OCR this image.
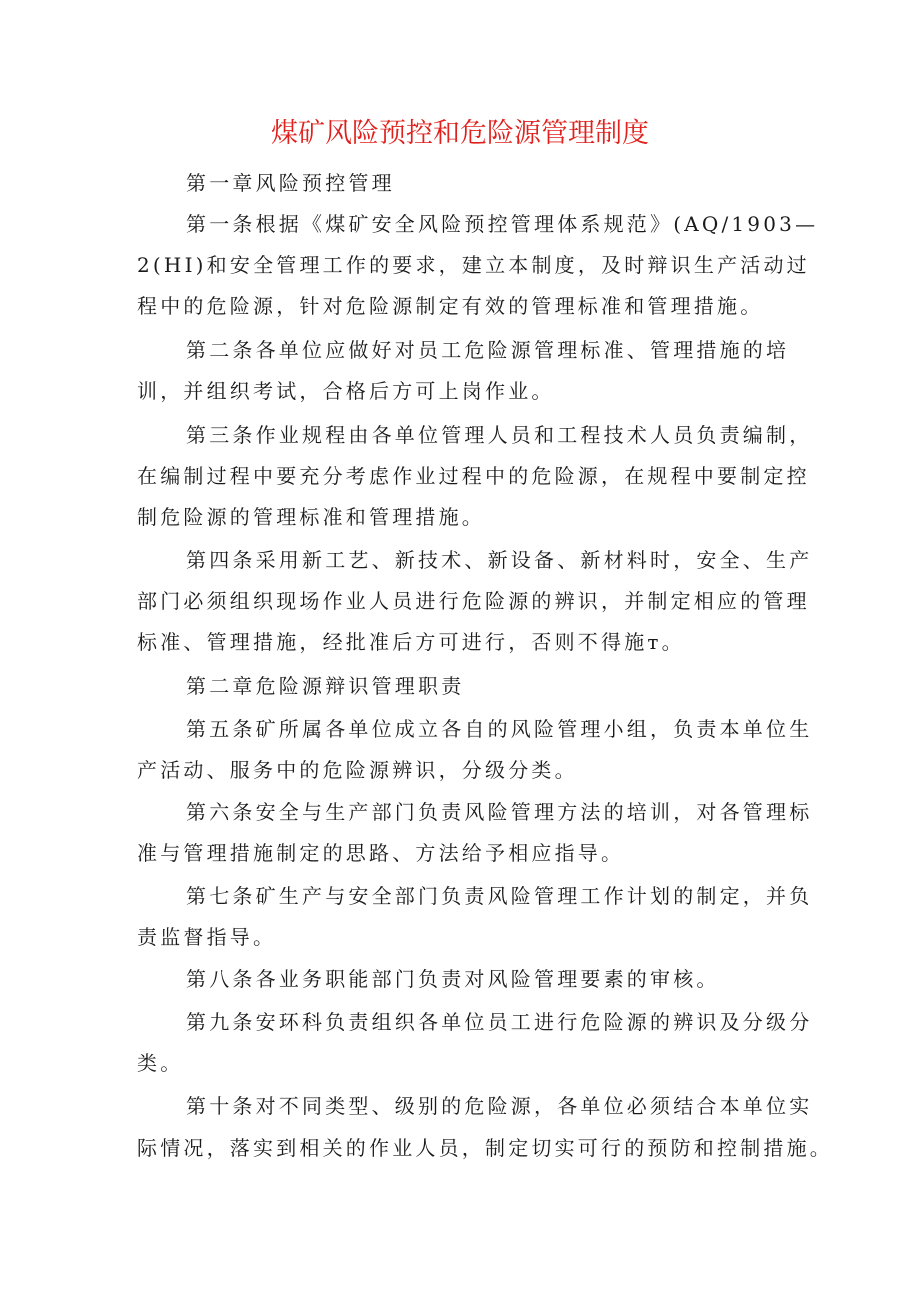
煤矿风险预控和危险源管理制度
第一章风险预控管理
第一条根据《煤矿安全风险预控管理体系规范》(AQ/1903—
2(HI)和安全管理工作的要求，建立本制度，及时辩识生产活动过
程中的危险源，针对危险源制定有效的管理标准和管理措施。
第二条各单位应做好对员工危险源管理标准、管理措施的培
训，并组织考试，合格后方可上岗作业。
第三条作业规程由各单位管理人员和工程技术人员负责编制，
在编制过程中要充分考虑作业过程中的危险源，在规程中要制定控
制危险源的管理标准和管理措施。
第四条采用新工艺、新技术、新设备、新材料时，安全、生产
部门必须组织现场作业人员进行危险源的辨识，并制定相应的管理
标准、管理措施，经批准后方可进行，否则不得施т。
第二章危险源辩识管理职责
第五条矿所属各单位成立各自的风险管理小组，负责本单位生
产活动、服务中的危险源辨识，分级分类。
第六条安全与生产部门负责风险管理方法的培训，对各管理标
准与管理措施制定的思路、方法给予相应指导。
第七条矿生产与安全部门负责风险管理工作计划的制定，并负
责监督指导。
第八条各业务职能部门负责对风险管理要素的审核。
第九条安环科负责组织各单位员工进行危险源的辨识及分级分
类。
第十条对不同类型、级别的危险源，各单位必须结合本单位实
际情况，落实到相关的作业人员，制定切实可行的预防和控制措施。
